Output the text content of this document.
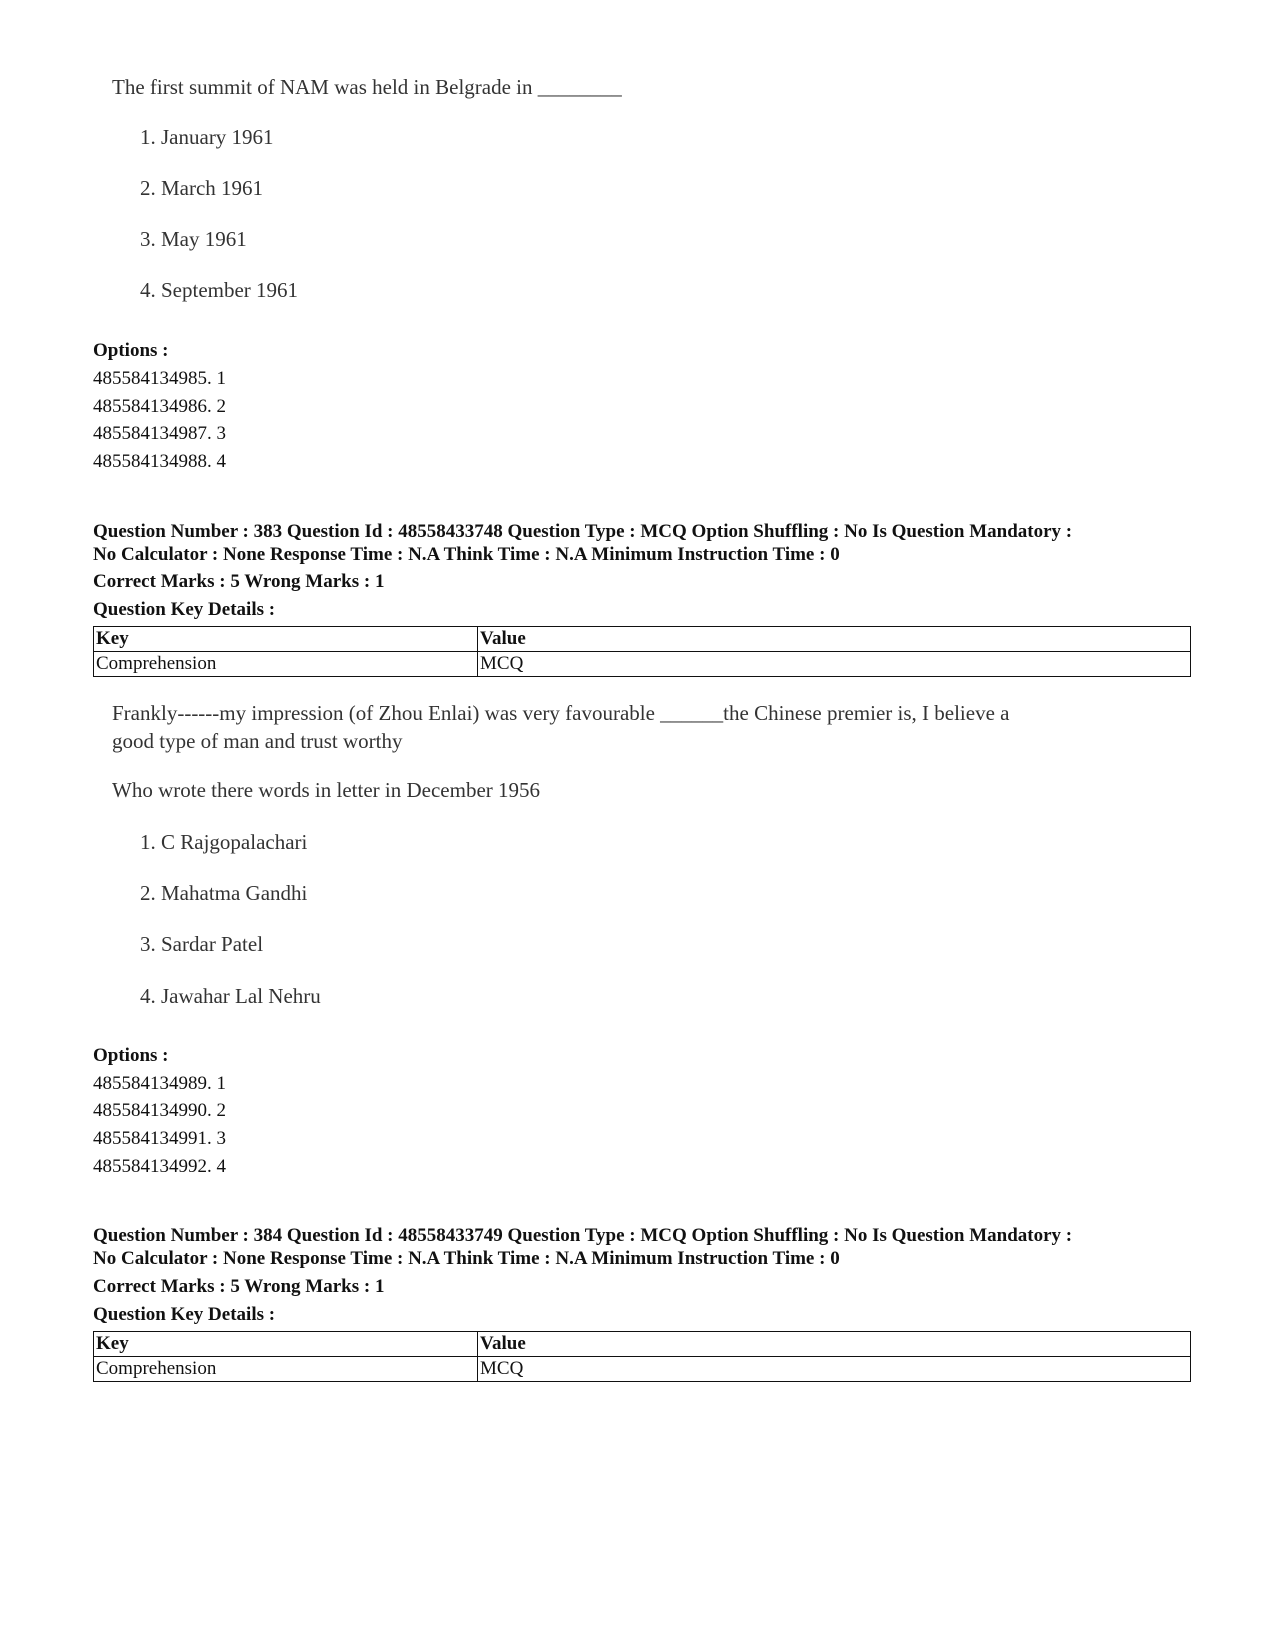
The first summit of NAM was held in Belgrade in ________
1. January 1961
2. March 1961
3. May 1961
4. September 1961
Options :
485584134985. 1
485584134986. 2
485584134987. 3
485584134988. 4
Question Number : 383 Question Id : 48558433748 Question Type : MCQ Option Shuffling : No Is Question Mandatory :
No Calculator : None Response Time : N.A Think Time : N.A Minimum Instruction Time : 0
Correct Marks : 5 Wrong Marks : 1
Question Key Details :
Key	Value
Comprehension	MCQ
Frankly------my impression (of Zhou Enlai) was very favourable ______the Chinese premier is, I believe a
good type of man and trust worthy
Who wrote there words in letter in December 1956
1. C Rajgopalachari
2. Mahatma Gandhi
3. Sardar Patel
4. Jawahar Lal Nehru
Options :
485584134989. 1
485584134990. 2
485584134991. 3
485584134992. 4
Question Number : 384 Question Id : 48558433749 Question Type : MCQ Option Shuffling : No Is Question Mandatory :
No Calculator : None Response Time : N.A Think Time : N.A Minimum Instruction Time : 0
Correct Marks : 5 Wrong Marks : 1
Question Key Details :
Key	Value
Comprehension	MCQ
